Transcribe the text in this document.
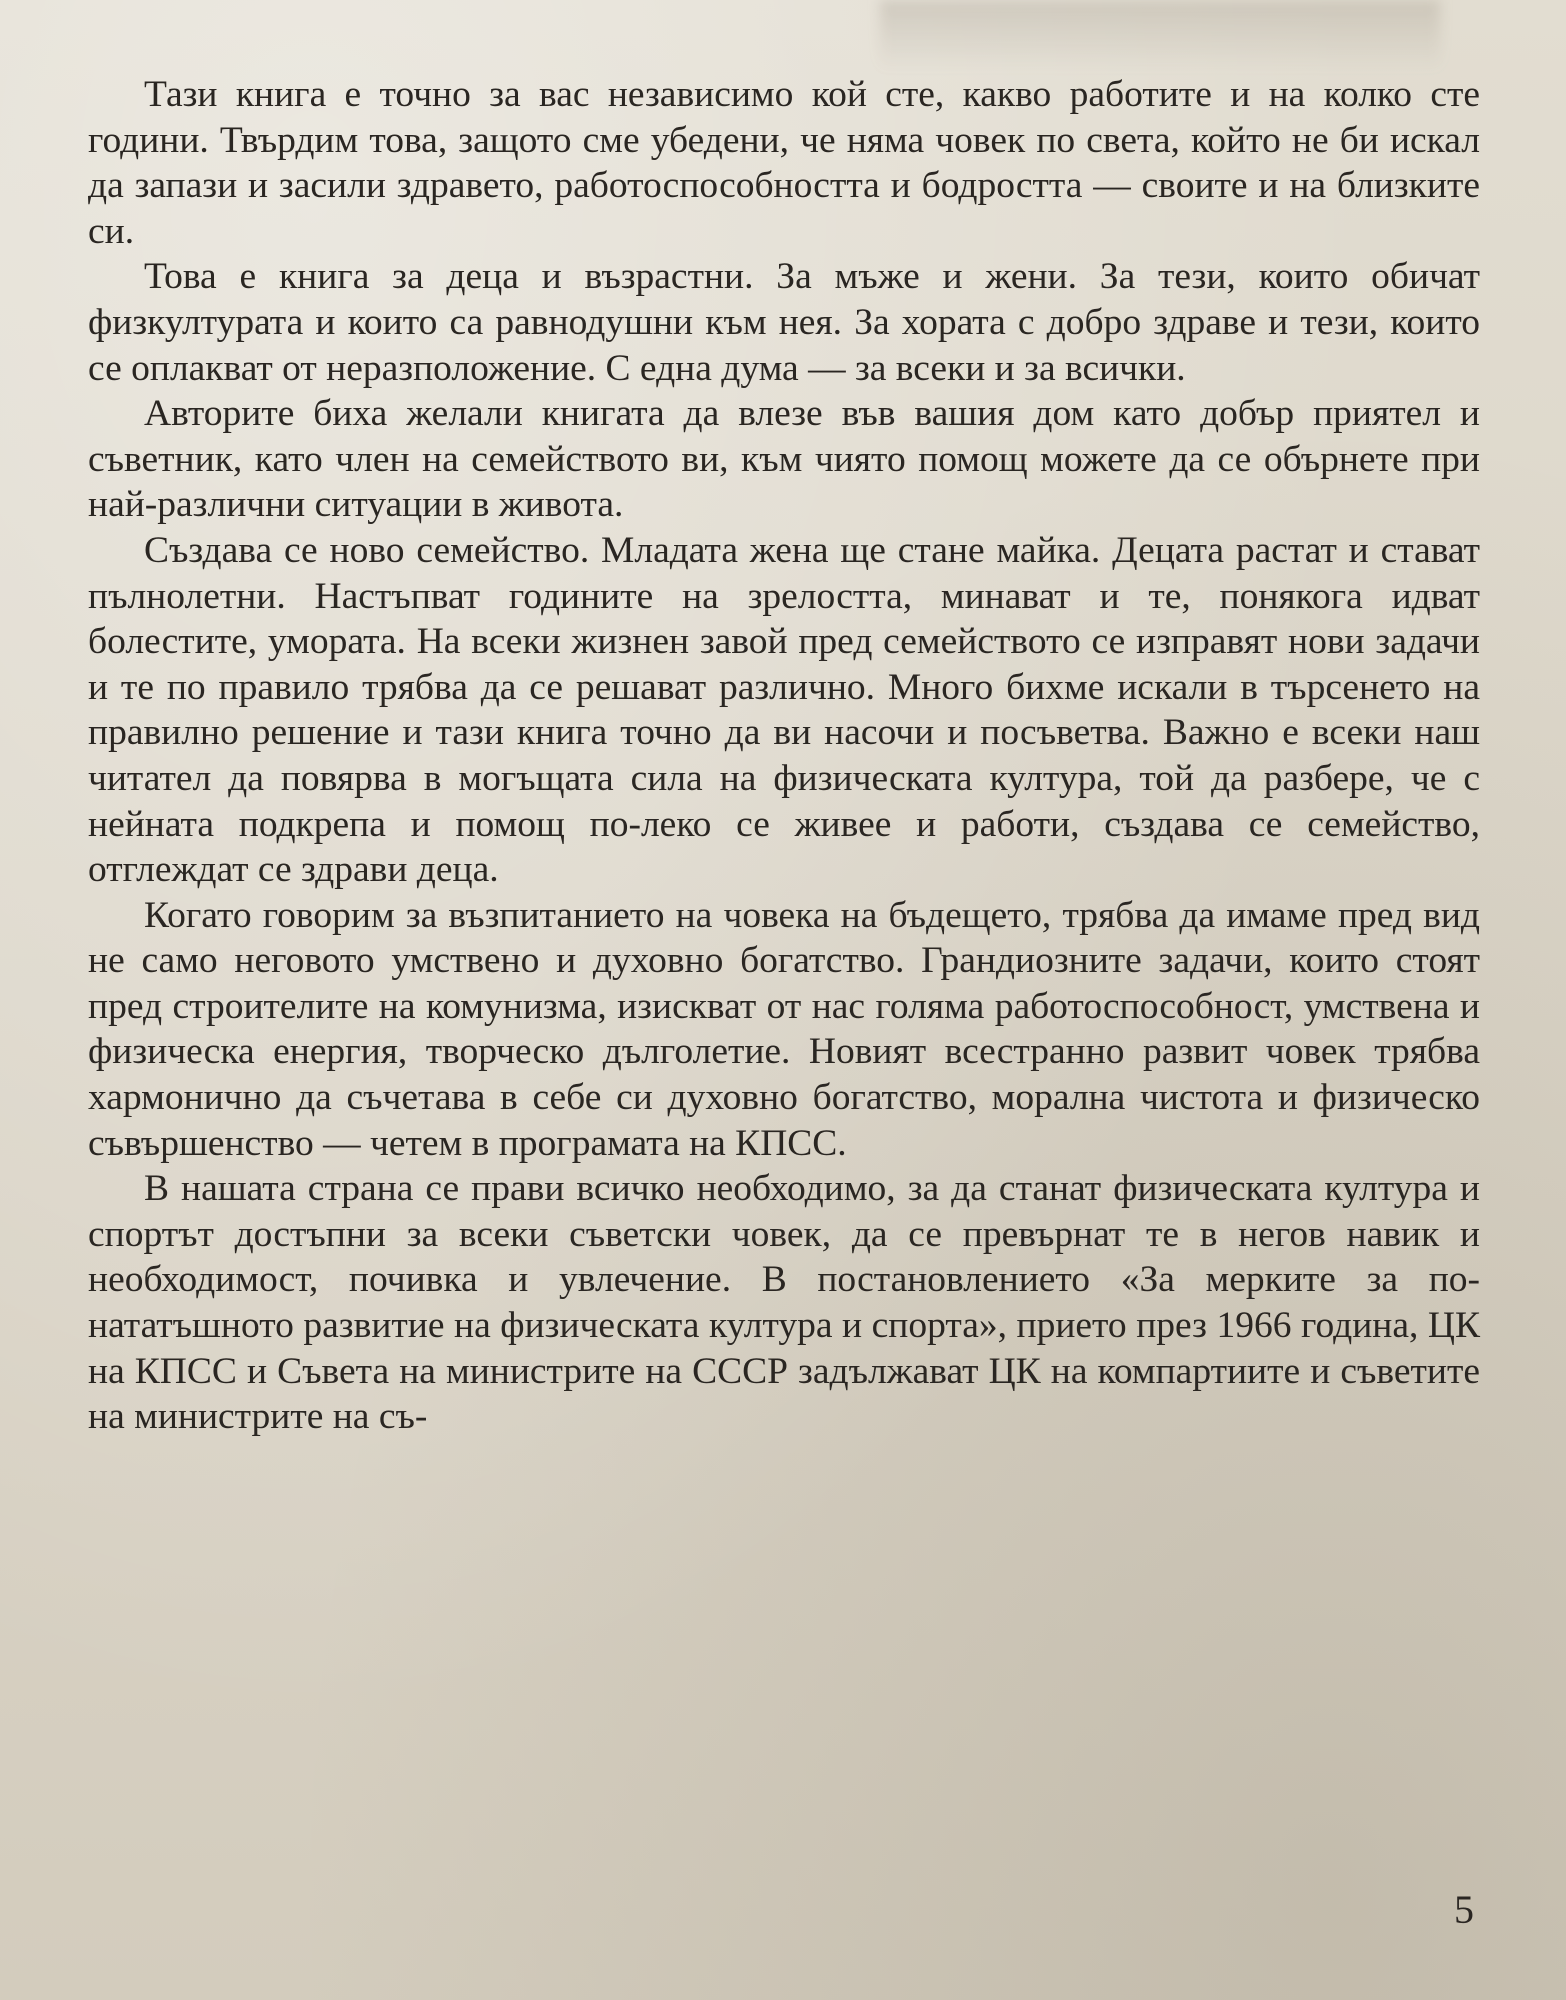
Тази книга е точно за вас независимо кой сте, какво работите и на колко сте години. Твърдим това, защото сме убедени, че няма човек по света, който не би искал да запази и засили здравето, работоспособността и бодростта — своите и на близките си.

Това е книга за деца и възрастни. За мъже и жени. За тези, които обичат физкултурата и които са равнодушни към нея. За хората с добро здраве и тези, които се оплакват от неразположение. С една дума — за всеки и за всички.

Авторите биха желали книгата да влезе във вашия дом като добър приятел и съветник, като член на семейството ви, към чиято помощ можете да се обърнете при най-различни ситуации в живота.

Създава се ново семейство. Младата жена ще стане майка. Децата растат и стават пълнолетни. Настъпват годините на зрелостта, минават и те, понякога идват болестите, умората. На всеки жизнен завой пред семейството се изправят нови задачи и те по правило трябва да се решават различно. Много бихме искали в търсенето на правилно решение и тази книга точно да ви насочи и посъветва. Важно е всеки наш читател да повярва в могъщата сила на физическата култура, той да разбере, че с нейната подкрепа и помощ по-леко се живее и работи, създава се семейство, отглеждат се здрави деца.

Когато говорим за възпитанието на човека на бъдещето, трябва да имаме пред вид не само неговото умствено и духовно богатство. Грандиозните задачи, които стоят пред строителите на комунизма, изискват от нас голяма работоспособност, умствена и физическа енергия, творческо дълголетие. Новият всестранно развит човек трябва хармонично да съчетава в себе си духовно богатство, морална чистота и физическо съвършенство — четем в програмата на КПСС.

В нашата страна се прави всичко необходимо, за да станат физическата култура и спортът достъпни за всеки съветски човек, да се превърнат те в негов навик и необходимост, почивка и увлечение. В постановлението «За мерките за по-нататъшното развитие на физическата култура и спорта», прието през 1966 година, ЦК на КПСС и Съвета на министрите на СССР задължават ЦК на компартиите и съветите на министрите на съ-

5
